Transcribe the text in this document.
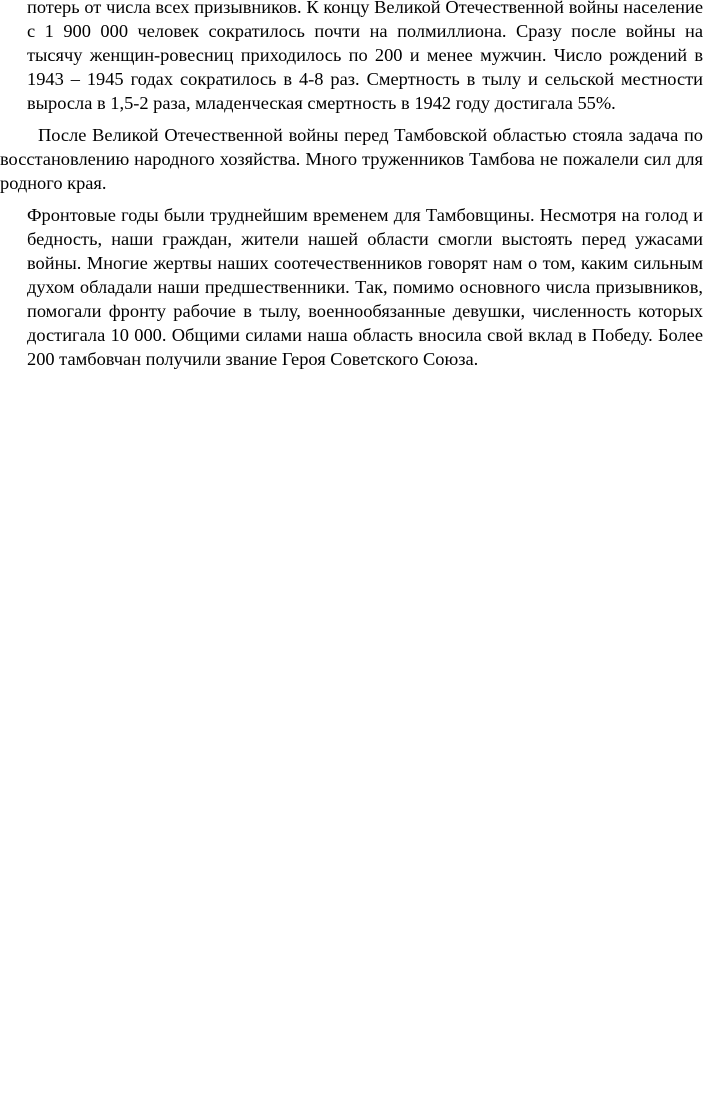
потерь от числа всех призывников. К концу Великой Отечественной войны население с 1 900 000 человек сократилось почти на полмиллиона. Сразу после войны на тысячу женщин-ровесниц приходилось по 200 и менее мужчин. Число рождений в 1943 – 1945 годах сократилось в 4-8 раз. Смертность в тылу и сельской местности выросла в 1,5-2 раза, младенческая смертность в 1942 году достигала 55%.

После Великой Отечественной войны перед Тамбовской областью стояла задача по восстановлению народного хозяйства. Много труженников Тамбова не пожалели сил для родного края.

Фронтовые годы были труднейшим временем для Тамбовщины. Несмотря на голод и бедность, наши граждан, жители нашей области смогли выстоять перед ужасами войны. Многие жертвы наших соотечественников говорят нам о том, каким сильным духом обладали наши предшественники. Так, помимо основного числа призывников, помогали фронту рабочие в тылу, военнообязанные девушки, численность которых достигала 10 000. Общими силами наша область вносила свой вклад в Победу. Более 200 тамбовчан получили звание Героя Советского Союза.
